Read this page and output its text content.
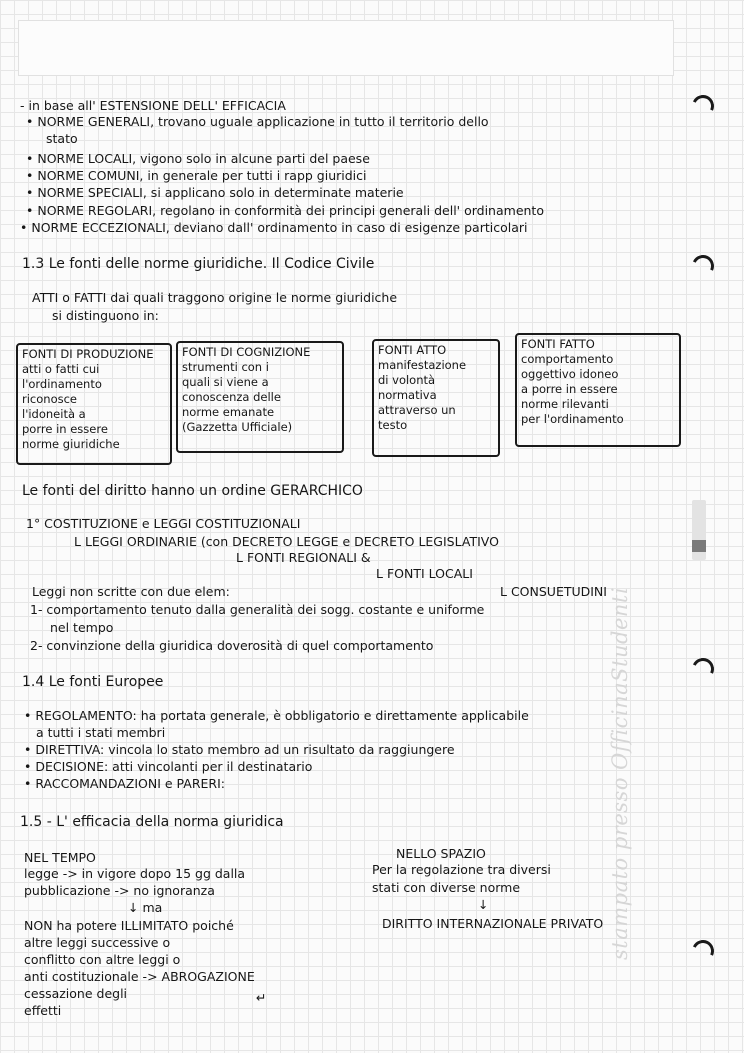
- in base all' ESTENSIONE DELL' EFFICACIA
• NORME GENERALI, trovano uguale applicazione in tutto il territorio dello
stato
• NORME LOCALI, vigono solo in alcune parti del paese
• NORME COMUNI, in generale per tutti i rapp giuridici
• NORME SPECIALI, si applicano solo in determinate materie
• NORME REGOLARI, regolano in conformità dei principi generali dell' ordinamento
• NORME ECCEZIONALI, deviano dall' ordinamento in caso di esigenze particolari
1.3 Le fonti delle norme giuridiche. Il Codice Civile
ATTI o FATTI dai quali traggono origine le norme giuridiche
si distinguono in:
FONTI DI PRODUZIONE
atti o fatti cui
l'ordinamento
riconosce
l'idoneità a
porre in essere
norme giuridiche
FONTI DI COGNIZIONE
strumenti con i
quali si viene a
conoscenza delle
norme emanate
(Gazzetta Ufficiale)
FONTI ATTO
manifestazione
di volontà
normativa
attraverso un
testo
FONTI FATTO
comportamento
oggettivo idoneo
a porre in essere
norme rilevanti
per l'ordinamento
Le fonti del diritto hanno un ordine GERARCHICO
1° COSTITUZIONE e LEGGI COSTITUZIONALI
L LEGGI ORDINARIE (con DECRETO LEGGE e DECRETO LEGISLATIVO
L FONTI REGIONALI &
L FONTI LOCALI
Leggi non scritte con due elem:	L CONSUETUDINI
1- comportamento tenuto dalla generalità dei sogg. costante e uniforme
nel tempo
2- convinzione della giuridica doverosità di quel comportamento
1.4 Le fonti Europee
• REGOLAMENTO: ha portata generale, è obbligatorio e direttamente applicabile
a tutti i stati membri
• DIRETTIVA: vincola lo stato membro ad un risultato da raggiungere
• DECISIONE: atti vincolanti per il destinatario
• RACCOMANDAZIONI e PARERI:
1.5 - L' efficacia della norma giuridica
NEL TEMPO
legge -> in vigore dopo 15 gg dalla
pubblicazione -> no ignoranza
↓ ma
NON ha potere ILLIMITATO poiché
altre leggi successive o
conflitto con altre leggi o
anti costituzionale -> ABROGAZIONE
cessazione degli
effetti
↵
NELLO SPAZIO
Per la regolazione tra diversi
stati con diverse norme
↓
DIRITTO INTERNAZIONALE PRIVATO stampato presso OfficinaStudenti
